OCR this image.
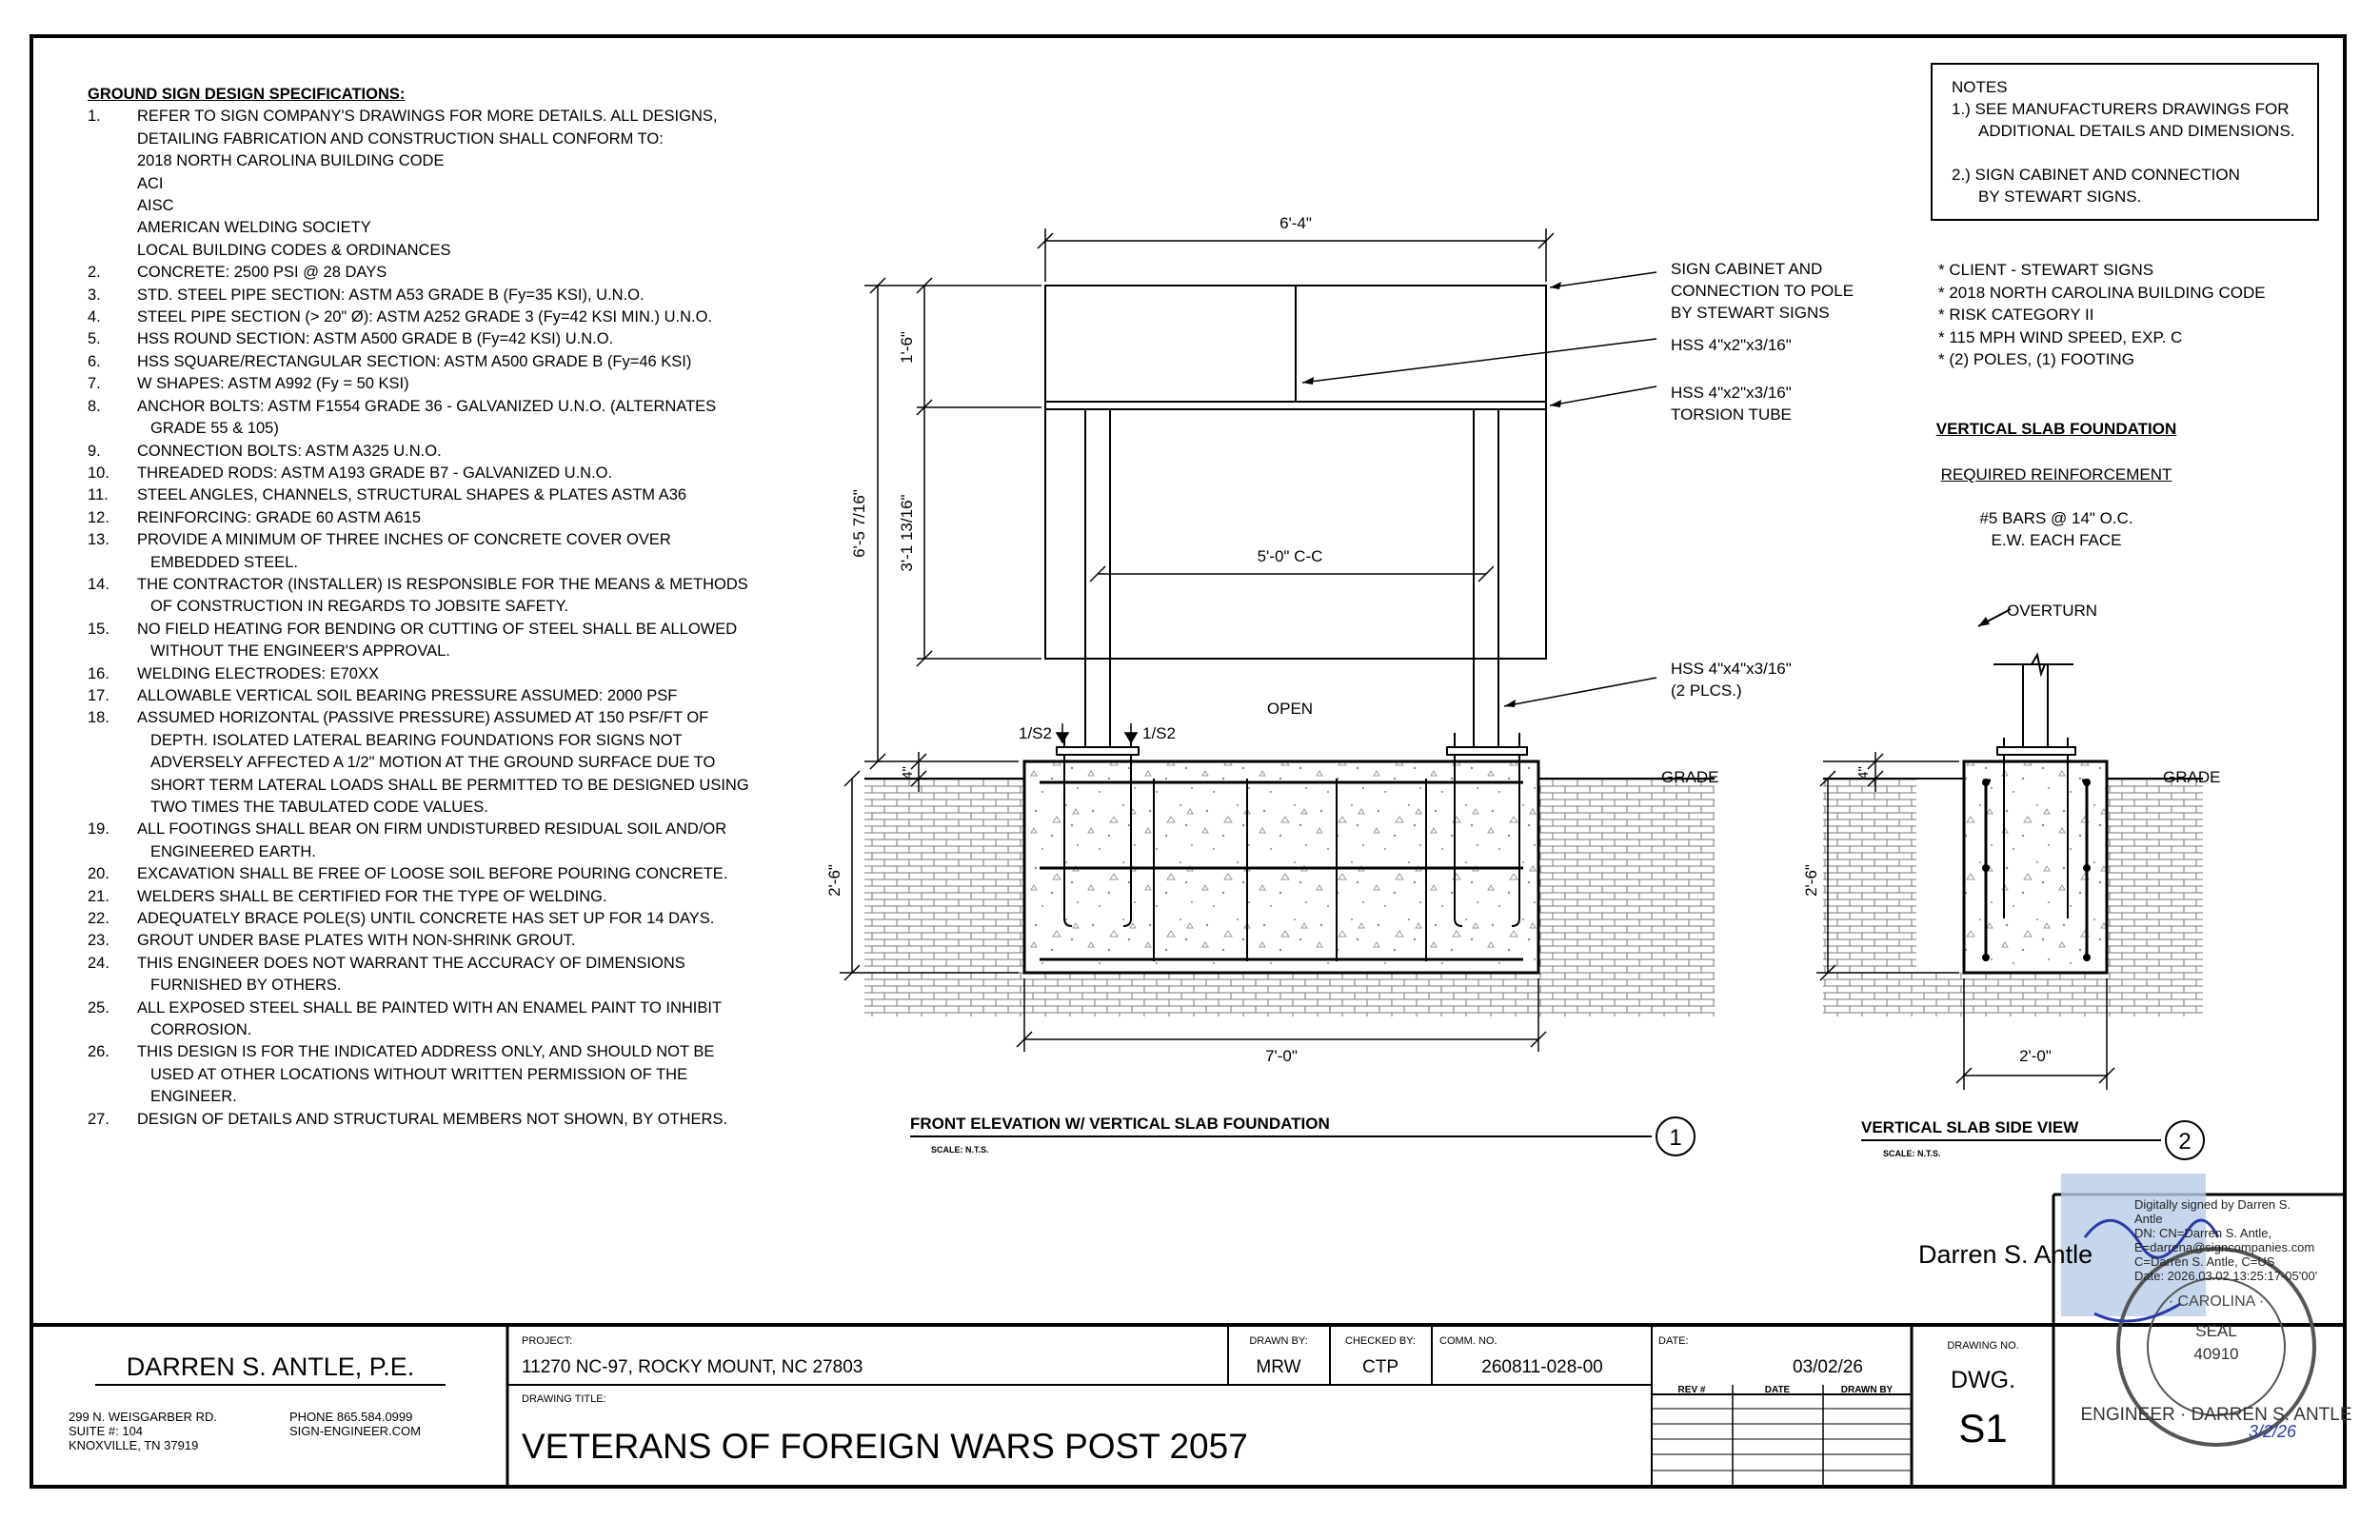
6'-4"
1'-6"
6'-5 7/16" 3'-1 13/16"	5'-0" C-C
OPEN
4"
2'-6"
7'-0"
GRADE
1/S2	1/S2
SIGN CABINET AND CONNECTION TO POLE BY STEWART SIGNS
HSS 4"x2"x3/16"
HSS 4"x2"x3/16" TORSION TUBE
HSS 4"x4"x3/16" (2 PLCS.)
FRONT ELEVATION W/ VERTICAL SLAB FOUNDATION
SCALE: N.T.S.	1
OVERTURN
4"
2'-6"
2'-0"
GRADE
VERTICAL SLAB SIDE VIEW
SCALE: N.T.S.	2
· CAROLINA ·
SEAL
40910
ENGINEER · DARREN S. ANTLE
Darren S. Antle
Digitally signed by Darren S. Antle DN: CN=Darren S. Antle, E=darrena@signcompanies.com C=Darren S. Antle, C=US Date: 2026.03.02 13:25:17-05'00'
3/2/26
DARREN S. ANTLE, P.E.
299 N. WEISGARBER RD.
SUITE #: 104
KNOXVILLE, TN 37919
PHONE 865.584.0999
SIGN-ENGINEER.COM
PROJECT:
11270 NC-97, ROCKY MOUNT, NC 27803
DRAWING TITLE:
VETERANS OF FOREIGN WARS POST 2057
DRAWN BY:
MRW
CHECKED BY:
CTP
COMM. NO.
260811-028-00
DATE:
03/02/26
REV #	DATE	DRAWN BY
DRAWING NO.
DWG.
S1
GROUND SIGN DESIGN SPECIFICATIONS:
1. REFER TO SIGN COMPANY'S DRAWINGS FOR MORE DETAILS. ALL DESIGNS,
DETAILING FABRICATION AND CONSTRUCTION SHALL CONFORM TO:
2018 NORTH CAROLINA BUILDING CODE
ACI
AISC
AMERICAN WELDING SOCIETY
LOCAL BUILDING CODES & ORDINANCES
2. CONCRETE: 2500 PSI @ 28 DAYS
3. STD. STEEL PIPE SECTION: ASTM A53 GRADE B (Fy=35 KSI), U.N.O.
4. STEEL PIPE SECTION (> 20" Ø): ASTM A252 GRADE 3 (Fy=42 KSI MIN.) U.N.O.
5. HSS ROUND SECTION: ASTM A500 GRADE B (Fy=42 KSI) U.N.O.
6. HSS SQUARE/RECTANGULAR SECTION: ASTM A500 GRADE B (Fy=46 KSI)
7. W SHAPES: ASTM A992 (Fy = 50 KSI)
8. ANCHOR BOLTS: ASTM F1554 GRADE 36 - GALVANIZED U.N.O. (ALTERNATES
GRADE 55 & 105)
9. CONNECTION BOLTS: ASTM A325 U.N.O.
10. THREADED RODS: ASTM A193 GRADE B7 - GALVANIZED U.N.O.
11. STEEL ANGLES, CHANNELS, STRUCTURAL SHAPES & PLATES ASTM A36
12. REINFORCING: GRADE 60 ASTM A615
13. PROVIDE A MINIMUM OF THREE INCHES OF CONCRETE COVER OVER
EMBEDDED STEEL.
14. THE CONTRACTOR (INSTALLER) IS RESPONSIBLE FOR THE MEANS & METHODS
OF CONSTRUCTION IN REGARDS TO JOBSITE SAFETY.
15. NO FIELD HEATING FOR BENDING OR CUTTING OF STEEL SHALL BE ALLOWED
WITHOUT THE ENGINEER'S APPROVAL.
16. WELDING ELECTRODES: E70XX
17. ALLOWABLE VERTICAL SOIL BEARING PRESSURE ASSUMED: 2000 PSF
18. ASSUMED HORIZONTAL (PASSIVE PRESSURE) ASSUMED AT 150 PSF/FT OF
DEPTH. ISOLATED LATERAL BEARING FOUNDATIONS FOR SIGNS NOT
ADVERSELY AFFECTED A 1/2" MOTION AT THE GROUND SURFACE DUE TO
SHORT TERM LATERAL LOADS SHALL BE PERMITTED TO BE DESIGNED USING
TWO TIMES THE TABULATED CODE VALUES.
19. ALL FOOTINGS SHALL BEAR ON FIRM UNDISTURBED RESIDUAL SOIL AND/OR
ENGINEERED EARTH.
20. EXCAVATION SHALL BE FREE OF LOOSE SOIL BEFORE POURING CONCRETE.
21. WELDERS SHALL BE CERTIFIED FOR THE TYPE OF WELDING.
22. ADEQUATELY BRACE POLE(S) UNTIL CONCRETE HAS SET UP FOR 14 DAYS.
23. GROUT UNDER BASE PLATES WITH NON-SHRINK GROUT.
24. THIS ENGINEER DOES NOT WARRANT THE ACCURACY OF DIMENSIONS
FURNISHED BY OTHERS.
25. ALL EXPOSED STEEL SHALL BE PAINTED WITH AN ENAMEL PAINT TO INHIBIT
CORROSION.
26. THIS DESIGN IS FOR THE INDICATED ADDRESS ONLY, AND SHOULD NOT BE
USED AT OTHER LOCATIONS WITHOUT WRITTEN PERMISSION OF THE
ENGINEER.
27. DESIGN OF DETAILS AND STRUCTURAL MEMBERS NOT SHOWN, BY OTHERS.
NOTES
1.) SEE MANUFACTURERS DRAWINGS FOR
ADDITIONAL DETAILS AND DIMENSIONS.
2.) SIGN CABINET AND CONNECTION
BY STEWART SIGNS.
* CLIENT - STEWART SIGNS
* 2018 NORTH CAROLINA BUILDING CODE
* RISK CATEGORY II
* 115 MPH WIND SPEED, EXP. C
* (2) POLES, (1) FOOTING
VERTICAL SLAB FOUNDATION
REQUIRED REINFORCEMENT
#5 BARS @ 14" O.C.
E.W. EACH FACE
